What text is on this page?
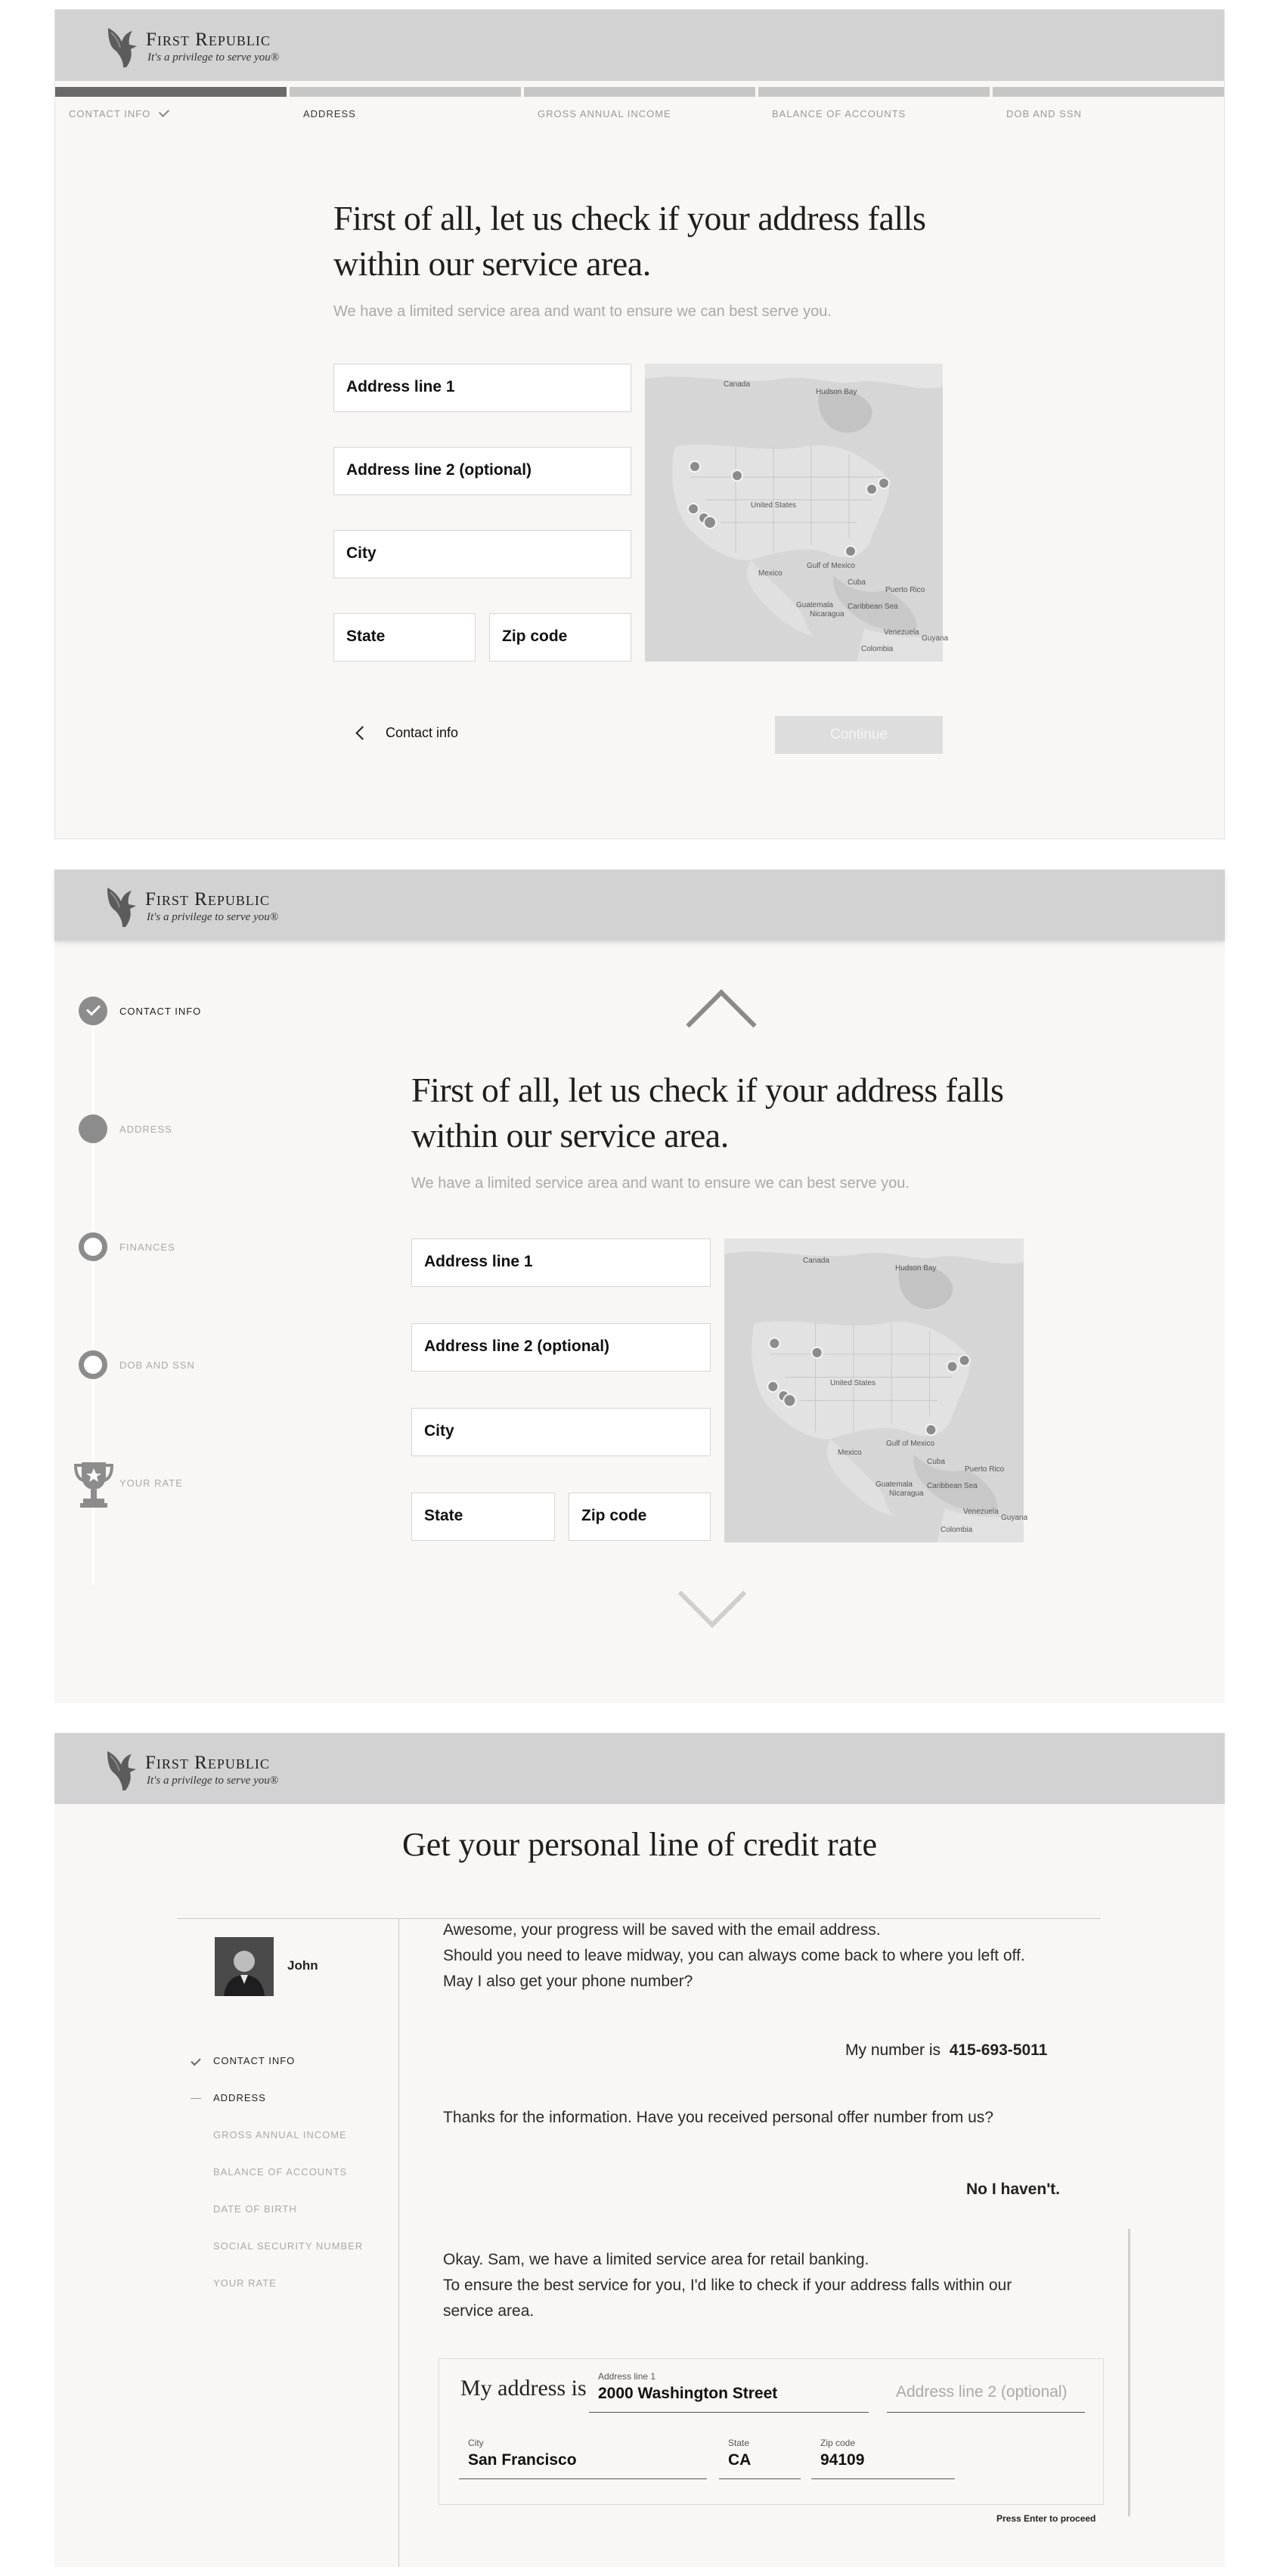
First Republic
It's a privilege to serve you®
CONTACT INFO	ADDRESS	GROSS ANNUAL INCOME	BALANCE OF ACCOUNTS	DOB AND SSN
First of all, let us check if your address falls
within our service area.
We have a limited service area and want to ensure we can best serve you.
Address line 1
Address line 2 (optional)
City
State	Zip code
Canada
Hudson Bay
United States
Gulf of Mexico
Mexico
Cuba
Puerto Rico
Caribbean Sea
Guatemala
Nicaragua
Venezuela
Colombia
Guyana
Contact info	Continue
First Republic
It's a privilege to serve you®
CONTACT INFO
ADDRESS
FINANCES
DOB AND SSN
YOUR RATE
First of all, let us check if your address falls
within our service area.
We have a limited service area and want to ensure we can best serve you.
Address line 1
Address line 2 (optional)
City
State	Zip code
Canada
Hudson Bay
United States
Gulf of Mexico
Mexico
Cuba
Puerto Rico
Caribbean Sea
Guatemala
Nicaragua
Venezuela
Colombia
Guyana
First Republic
It's a privilege to serve you®
Get your personal line of credit rate
John
CONTACT INFO
ADDRESS
GROSS ANNUAL INCOME
BALANCE OF ACCOUNTS
DATE OF BIRTH
SOCIAL SECURITY NUMBER
YOUR RATE
Awesome, your progress will be saved with the email address.
Should you need to leave midway, you can always come back to where you left off.
May I also get your phone number?
My number is 415-693-5011
Thanks for the information. Have you received personal offer number from us?
No I haven't.
Okay. Sam, we have a limited service area for retail banking.
To ensure the best service for you, I'd like to check if your address falls within our
service area.
My address is Address line 1
2000 Washington Street	Address line 2 (optional)
City
San Francisco
State
CA
Zip code
94109
Press Enter to proceed
